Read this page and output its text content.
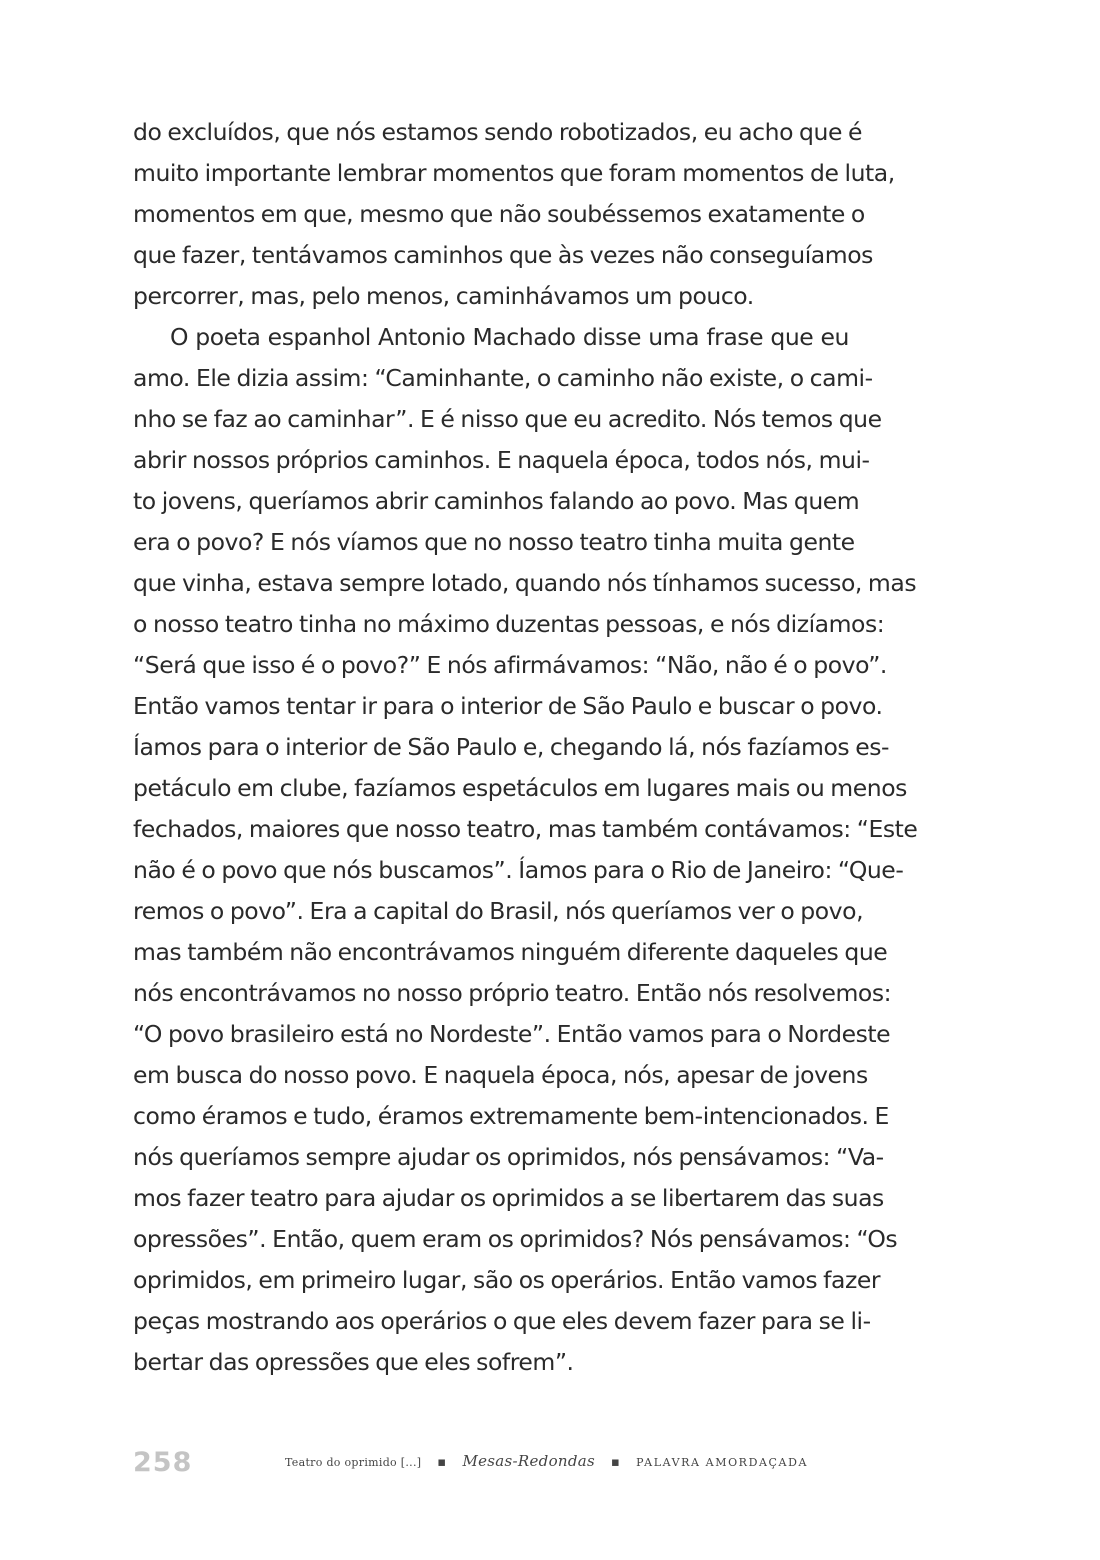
do excluídos, que nós estamos sendo robotizados, eu acho que é
muito importante lembrar momentos que foram momentos de luta,
momentos em que, mesmo que não soubéssemos exatamente o
que fazer, tentávamos caminhos que às vezes não conseguíamos
percorrer, mas, pelo menos, caminhávamos um pouco.
O poeta espanhol Antonio Machado disse uma frase que eu
amo. Ele dizia assim: “Caminhante, o caminho não existe, o cami-
nho se faz ao caminhar”. E é nisso que eu acredito. Nós temos que
abrir nossos próprios caminhos. E naquela época, todos nós, mui-
to jovens, queríamos abrir caminhos falando ao povo. Mas quem
era o povo? E nós víamos que no nosso teatro tinha muita gente
que vinha, estava sempre lotado, quando nós tínhamos sucesso, mas
o nosso teatro tinha no máximo duzentas pessoas, e nós dizíamos:
“Será que isso é o povo?” E nós afirmávamos: “Não, não é o povo”.
Então vamos tentar ir para o interior de São Paulo e buscar o povo.
Íamos para o interior de São Paulo e, chegando lá, nós fazíamos es-
petáculo em clube, fazíamos espetáculos em lugares mais ou menos
fechados, maiores que nosso teatro, mas também contávamos: “Este
não é o povo que nós buscamos”. Íamos para o Rio de Janeiro: “Que-
remos o povo”. Era a capital do Brasil, nós queríamos ver o povo,
mas também não encontrávamos ninguém diferente daqueles que
nós encontrávamos no nosso próprio teatro. Então nós resolvemos:
“O povo brasileiro está no Nordeste”. Então vamos para o Nordeste
em busca do nosso povo. E naquela época, nós, apesar de jovens
como éramos e tudo, éramos extremamente bem-intencionados. E
nós queríamos sempre ajudar os oprimidos, nós pensávamos: “Va-
mos fazer teatro para ajudar os oprimidos a se libertarem das suas
opressões”. Então, quem eram os oprimidos? Nós pensávamos: “Os
oprimidos, em primeiro lugar, são os operários. Então vamos fazer
peças mostrando aos operários o que eles devem fazer para se li-
bertar das opressões que eles sofrem”.
258	Teatro do oprimido [...] ▪ Mesas-Redondas ▪ PALAVRA AMORDAÇADA
